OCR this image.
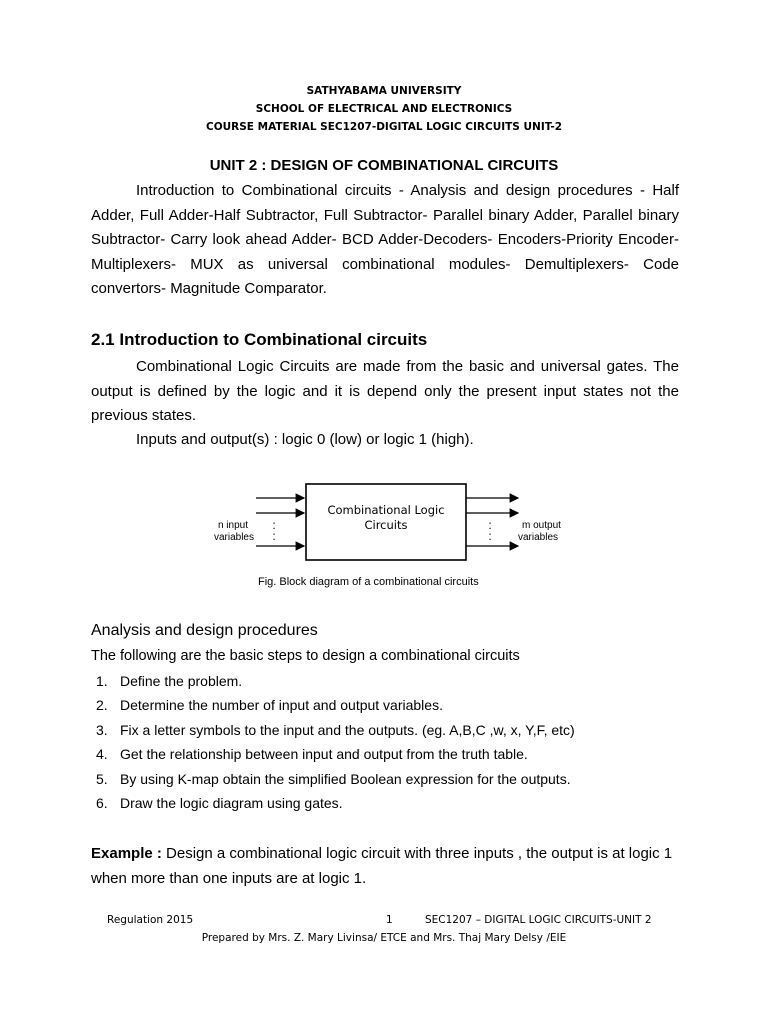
SATHYABAMA UNIVERSITY
SCHOOL OF ELECTRICAL AND ELECTRONICS
COURSE MATERIAL SEC1207-DIGITAL LOGIC CIRCUITS UNIT-2
UNIT 2 : DESIGN OF COMBINATIONAL CIRCUITS
Introduction to Combinational circuits - Analysis and design procedures - Half
Adder, Full Adder-Half Subtractor, Full Subtractor- Parallel binary Adder, Parallel binary
Subtractor- Carry look ahead Adder- BCD Adder-Decoders- Encoders-Priority Encoder-
Multiplexers- MUX as universal combinational modules- Demultiplexers- Code
convertors- Magnitude Comparator.
2.1 Introduction to Combinational circuits
Combinational Logic Circuits are made from the basic and universal gates. The
output is defined by the logic and it is depend only the present input states not the
previous states.
Inputs and output(s) : logic 0 (low) or logic 1 (high).
Combinational Logic
Circuits
n input
variables
:
:
:
:
m output
variables
Fig. Block diagram of a combinational circuits
Analysis and design procedures
The following are the basic steps to design a combinational circuits
1. Define the problem.
2. Determine the number of input and output variables.
3. Fix a letter symbols to the input and the outputs. (eg. A,B,C ,w, x, Y,F, etc)
4. Get the relationship between input and output from the truth table.
5. By using K-map obtain the simplified Boolean expression for the outputs.
6. Draw the logic diagram using gates.
Example : Design a combinational logic circuit with three inputs , the output is at logic 1
when more than one inputs are at logic 1.
Regulation 2015	1	SEC1207 – DIGITAL LOGIC CIRCUITS-UNIT 2
Prepared by Mrs. Z. Mary Livinsa/ ETCE and Mrs. Thaj Mary Delsy /EIE
